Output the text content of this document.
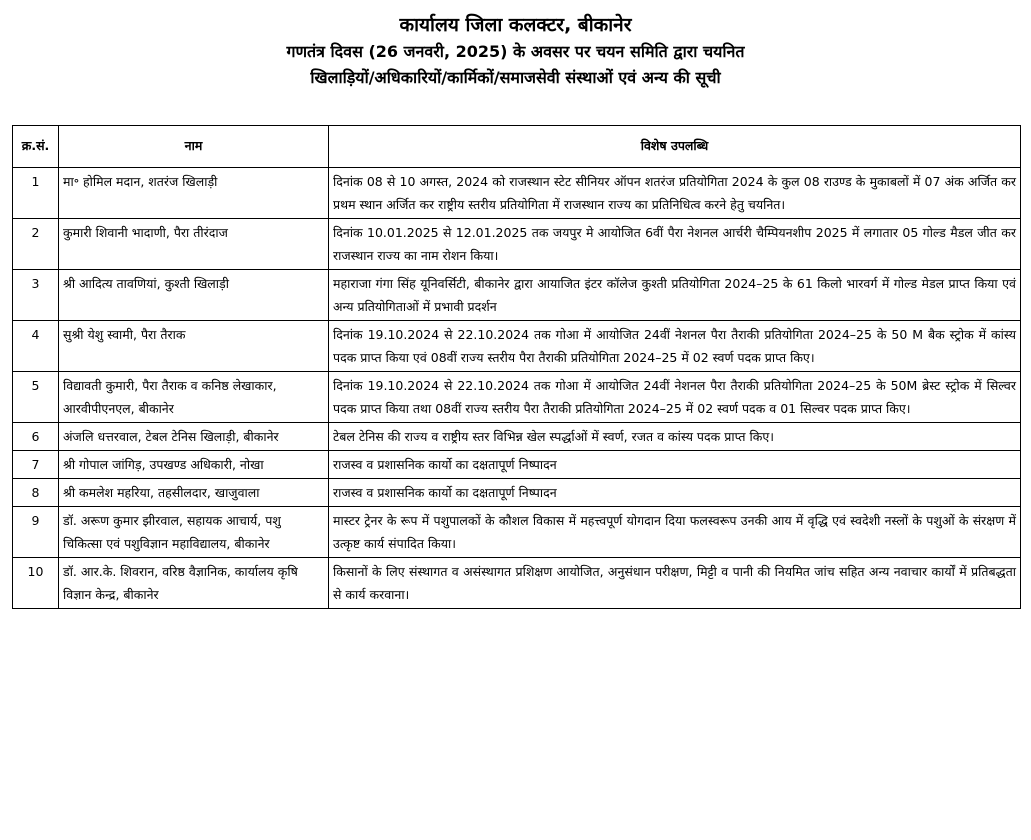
कार्यालय जिला कलक्टर, बीकानेर
गणतंत्र दिवस (26 जनवरी, 2025) के अवसर पर चयन समिति द्वारा चयनित
खिलाड़ियों/अधिकारियों/कार्मिकों/समाजसेवी संस्थाओं एवं अन्य की सूची
क्र.सं.	नाम	विशेष उपलब्धि
1	मा॰ होमिल मदान, शतरंज खिलाड़ी	दिनांक 08 से 10 अगस्त, 2024 को राजस्थान स्टेट सीनियर ऑपन शतरंज प्रतियोगिता 2024 के कुल 08 राउण्ड के मुकाबलों में 07 अंक अर्जित कर प्रथम स्थान अर्जित कर राष्ट्रीय स्तरीय प्रतियोगिता में राजस्थान राज्य का प्रतिनिधित्व करने हेतु चयनित।
2	कुमारी शिवानी भादाणी, पैरा तीरंदाज	दिनांक 10.01.2025 से 12.01.2025 तक जयपुर मे आयोजित 6वीं पैरा नेशनल आर्चरी चैम्पियनशीप 2025 में लगातार 05 गोल्ड मैडल जीत कर राजस्थान राज्य का नाम रोशन किया।
3	श्री आदित्य तावणियां, कुश्ती खिलाड़ी	महाराजा गंगा सिंह यूनिवर्सिटी, बीकानेर द्वारा आयाजित इंटर कॉलेज कुश्ती प्रतियोगिता 2024–25 के 61 किलो भारवर्ग में गोल्ड मेडल प्राप्त किया एवं अन्य प्रतियोगिताओं में प्रभावी प्रदर्शन
4	सुश्री येशु स्वामी, पैरा तैराक	दिनांक 19.10.2024 से 22.10.2024 तक गोआ में आयोजित 24वीं नेशनल पैरा तैराकी प्रतियोगिता 2024–25 के 50 M बैक स्ट्रोक में कांस्य पदक प्राप्त किया एवं 08वीं राज्य स्तरीय पैरा तैराकी प्रतियोगिता 2024–25 में 02 स्वर्ण पदक प्राप्त किए।
5	विद्यावती कुमारी, पैरा तैराक व कनिष्ठ लेखाकार, आरवीपीएनएल, बीकानेर	दिनांक 19.10.2024 से 22.10.2024 तक गोआ में आयोजित 24वीं नेशनल पैरा तैराकी प्रतियोगिता 2024–25 के 50M ब्रेस्ट स्ट्रोक में सिल्वर पदक प्राप्त किया तथा 08वीं राज्य स्तरीय पैरा तैराकी प्रतियोगिता 2024–25 में 02 स्वर्ण पदक व 01 सिल्वर पदक प्राप्त किए।
6	अंजलि धत्तरवाल, टेबल टेनिस खिलाड़ी, बीकानेर	टेबल टेनिस की राज्य व राष्ट्रीय स्तर विभिन्न खेल स्पर्द्धाओं में स्वर्ण, रजत व कांस्य पदक प्राप्त किए।
7	श्री गोपाल जांगिड़, उपखण्ड अधिकारी, नोखा	राजस्व व प्रशासनिक कार्यो का दक्षतापूर्ण निष्पादन
8	श्री कमलेश महरिया, तहसीलदार, खाजुवाला	राजस्व व प्रशासनिक कार्यो का दक्षतापूर्ण निष्पादन
9	डॉ. अरूण कुमार झीरवाल, सहायक आचार्य, पशु चिकित्सा एवं पशुविज्ञान महाविद्यालय, बीकानेर	मास्टर ट्रेनर के रूप में पशुपालकों के कौशल विकास में महत्त्वपूर्ण योगदान दिया फलस्वरूप उनकी आय में वृद्धि एवं स्वदेशी नस्लों के पशुओं के संरक्षण में उत्कृष्ट कार्य संपादित किया।
10	डॉ. आर.के. शिवरान, वरिष्ठ वैज्ञानिक, कार्यालय कृषि विज्ञान केन्द्र, बीकानेर	किसानों के लिए संस्थागत व असंस्थागत प्रशिक्षण आयोजित, अनुसंधान परीक्षण, मिट्टी व पानी की नियमित जांच सहित अन्य नवाचार कार्यों में प्रतिबद्धता से कार्य करवाना।
